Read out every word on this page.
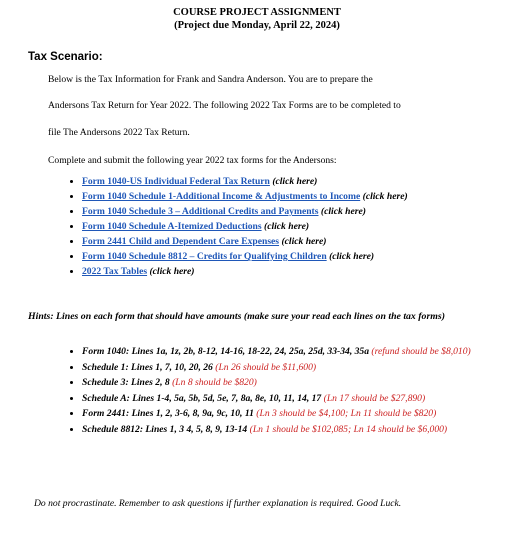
COURSE PROJECT ASSIGNMENT
(Project due Monday, April 22, 2024)
Tax Scenario:
Below is the Tax Information for Frank and Sandra Anderson. You are to prepare the
Andersons Tax Return for Year 2022. The following 2022 Tax Forms are to be completed to
file The Andersons 2022 Tax Return.
Complete and submit the following year 2022 tax forms for the Andersons:
• Form 1040-US Individual Federal Tax Return (click here)
• Form 1040 Schedule 1-Additional Income & Adjustments to Income (click here)
• Form 1040 Schedule 3 – Additional Credits and Payments (click here)
• Form 1040 Schedule A-Itemized Deductions (click here)
• Form 2441 Child and Dependent Care Expenses (click here)
• Form 1040 Schedule 8812 – Credits for Qualifying Children (click here)
• 2022 Tax Tables (click here)
Hints: Lines on each form that should have amounts (make sure your read each lines on the tax forms)
• Form 1040: Lines 1a, 1z, 2b, 8-12, 14-16, 18-22, 24, 25a, 25d, 33-34, 35a (refund should be $8,010)
• Schedule 1: Lines 1, 7, 10, 20, 26 (Ln 26 should be $11,600)
• Schedule 3: Lines 2, 8 (Ln 8 should be $820)
• Schedule A: Lines 1-4, 5a, 5b, 5d, 5e, 7, 8a, 8e, 10, 11, 14, 17 (Ln 17 should be $27,890)
• Form 2441: Lines 1, 2, 3-6, 8, 9a, 9c, 10, 11 (Ln 3 should be $4,100; Ln 11 should be $820)
• Schedule 8812: Lines 1, 3 4, 5, 8, 9, 13-14 (Ln 1 should be $102,085; Ln 14 should be $6,000)
Do not procrastinate. Remember to ask questions if further explanation is required. Good Luck.
